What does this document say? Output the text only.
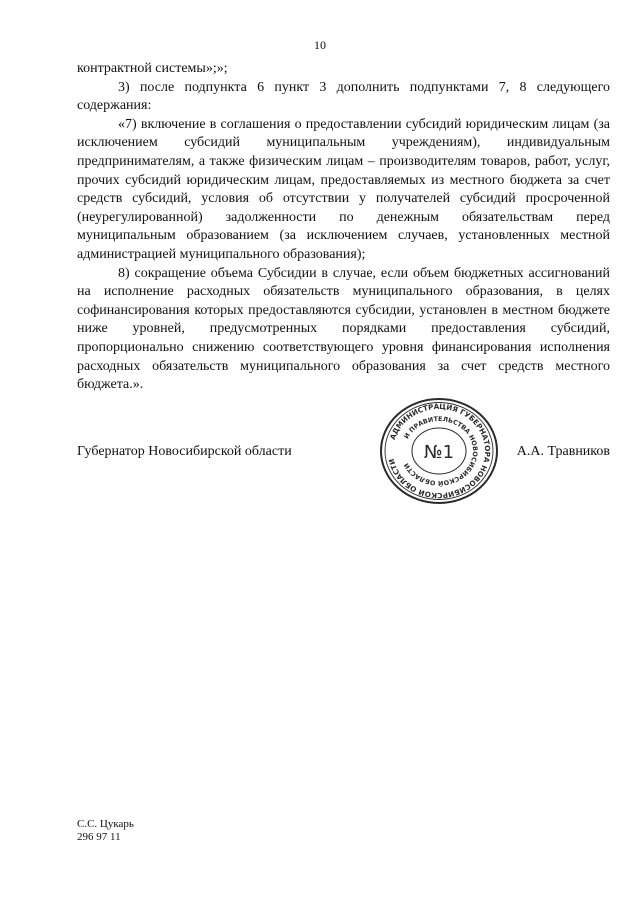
10

контрактной системы»;»;

3) после подпункта 6 пункт 3 дополнить подпунктами 7, 8 следующего содержания:

«7) включение в соглашения о предоставлении субсидий юридическим лицам (за исключением субсидий муниципальным учреждениям), индивидуальным предпринимателям, а также физическим лицам – производителям товаров, работ, услуг, прочих субсидий юридическим лицам, предоставляемых из местного бюджета за счет средств субсидий, условия об отсутствии у получателей субсидий просроченной (неурегулированной) задолженности по денежным обязательствам перед муниципальным образованием (за исключением случаев, установленных местной администрацией муниципального образования);

8) сокращение объема Субсидии в случае, если объем бюджетных ассигнований на исполнение расходных обязательств муниципального образования, в целях софинансирования которых предоставляются субсидии, установлен в местном бюджете ниже уровней, предусмотренных порядками предоставления субсидий, пропорционально снижению соответствующего уровня финансирования исполнения расходных обязательств муниципального образования за счет средств местного бюджета.».

Губернатор Новосибирской области	А.А. Травников
АДМИНИСТРАЦИЯ ГУБЕРНАТОРА НОВОСИБИРСКОЙ ОБЛАСТИ
И ПРАВИТЕЛЬСТВА НОВОСИБИРСКОЙ ОБЛАСТИ
№1
С.С. Цукарь
296 97 11
